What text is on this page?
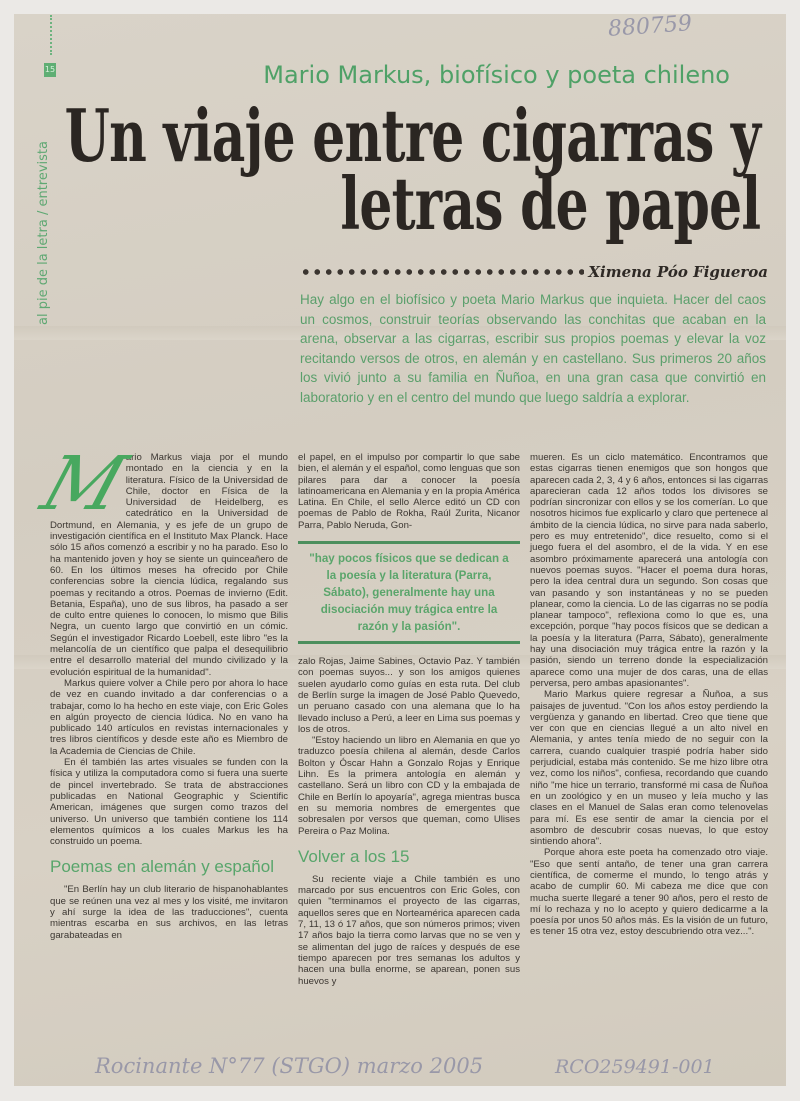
15
al pie de la letra / entrevista
880759
Mario Markus, biofísico y poeta chileno
Un viaje entre cigarras y
letras de papel
Ximena Póo Figueroa
Hay algo en el biofísico y poeta Mario Markus que inquieta. Hacer del caos un cosmos, construir teorías observando las conchitas que acaban en la arena, observar a las cigarras, escribir sus propios poemas y elevar la voz recitando versos de otros, en alemán y en castellano. Sus primeros 20 años los vivió junto a su familia en Ñuñoa, en una gran casa que convirtió en laboratorio y en el centro del mundo que luego saldría a explorar.
M

ario Markus viaja por el mundo montado en la ciencia y en la literatura. Físico de la Universidad de Chile, doctor en Física de la Universidad de Heidelberg, es catedrático en la Universidad de Dortmund, en Alemania, y es jefe de un grupo de investigación científica en el Instituto Max Planck. Hace sólo 15 años comenzó a escribir y no ha parado. Eso lo ha mantenido joven y hoy se siente un quinceañero de 60. En los últimos meses ha ofrecido por Chile conferencias sobre la ciencia lúdica, regalando sus poemas y recitando a otros. Poemas de invierno (Edit. Betania, España), uno de sus libros, ha pasado a ser de culto entre quienes lo conocen, lo mismo que Bilis Negra, un cuento largo que convirtió en un cómic. Según el investigador Ricardo Loebell, este libro "es la melancolía de un científico que palpa el desequilibrio entre el desarrollo material del mundo civilizado y la evolución espiritual de la humanidad".

Markus quiere volver a Chile pero por ahora lo hace de vez en cuando invitado a dar conferencias o a trabajar, como lo ha hecho en este viaje, con Eric Goles en algún proyecto de ciencia lúdica. No en vano ha publicado 140 artículos en revistas internacionales y tres libros científicos y desde este año es Miembro de la Academia de Ciencias de Chile.

En él también las artes visuales se funden con la física y utiliza la computadora como si fuera una suerte de pincel invertebrado. Se trata de abstracciones publicadas en National Geographic y Scientific American, imágenes que surgen como trazos del universo. Un universo que también contiene los 114 elementos químicos a los cuales Markus les ha construido un poema.

Poemas en alemán y español

"En Berlín hay un club literario de hispanohablantes que se reúnen una vez al mes y los visité, me invitaron y ahí surge la idea de las traducciones", cuenta mientras escarba en sus archivos, en las letras garabateadas en

el papel, en el impulso por compartir lo que sabe bien, el alemán y el español, como lenguas que son pilares para dar a conocer la poesía latinoamericana en Alemania y en la propia América Latina. En Chile, el sello Alerce editó un CD con poemas de Pablo de Rokha, Raúl Zurita, Nicanor Parra, Pablo Neruda, Gon-

"hay pocos físicos que se dedican a la poesía y la literatura (Parra, Sábato), generalmente hay una disociación muy trágica entre la razón y la pasión".

zalo Rojas, Jaime Sabines, Octavio Paz. Y también con poemas suyos... y son los amigos quienes suelen ayudarlo como guías en esta ruta. Del club de Berlín surge la imagen de José Pablo Quevedo, un peruano casado con una alemana que lo ha llevado incluso a Perú, a leer en Lima sus poemas y los de otros.

"Estoy haciendo un libro en Alemania en que yo traduzco poesía chilena al alemán, desde Carlos Bolton y Óscar Hahn a Gonzalo Rojas y Enrique Lihn. Es la primera antología en alemán y castellano. Será un libro con CD y la embajada de Chile en Berlín lo apoyaría", agrega mientras busca en su memoria nombres de emergentes que sobresalen por versos que queman, como Ulises Pereira o Paz Molina.

Volver a los 15

Su reciente viaje a Chile también es uno marcado por sus encuentros con Eric Goles, con quien "terminamos el proyecto de las cigarras, aquellos seres que en Norteamérica aparecen cada 7, 11, 13 ó 17 años, que son números primos; viven 17 años bajo la tierra como larvas que no se ven y se alimentan del jugo de raíces y después de ese tiempo aparecen por tres semanas los adultos y hacen una bulla enorme, se aparean, ponen sus huevos y

mueren. Es un ciclo matemático. Encontramos que estas cigarras tienen enemigos que son hongos que aparecen cada 2, 3, 4 y 6 años, entonces si las cigarras aparecieran cada 12 años todos los divisores se podrían sincronizar con ellos y se los comerían. Lo que nosotros hicimos fue explicarlo y claro que pertenece al ámbito de la ciencia lúdica, no sirve para nada saberlo, pero es muy entretenido", dice resuelto, como si el juego fuera el del asombro, el de la vida. Y en ese asombro próximamente aparecerá una antología con nuevos poemas suyos. "Hacer el poema dura horas, pero la idea central dura un segundo. Son cosas que van pasando y son instantáneas y no se pueden planear, como la ciencia. Lo de las cigarras no se podía planear tampoco", reflexiona como lo que es, una excepción, porque "hay pocos físicos que se dedican a la poesía y la literatura (Parra, Sábato), generalmente hay una disociación muy trágica entre la razón y la pasión, siendo un terreno donde la especialización aparece como una mujer de dos caras, una de ellas perversa, pero ambas apasionantes".

Mario Markus quiere regresar a Ñuñoa, a sus paisajes de juventud. "Con los años estoy perdiendo la vergüenza y ganando en libertad. Creo que tiene que ver con que en ciencias llegué a un alto nivel en Alemania, y antes tenía miedo de no seguir con la carrera, cuando cualquier traspié podría haber sido perjudicial, estaba más contenido. Se me hizo libre otra vez, como los niños", confiesa, recordando que cuando niño "me hice un terrario, transformé mi casa de Ñuñoa en un zoológico y en un museo y leía mucho y las clases en el Manuel de Salas eran como telenovelas para mí. Es ese sentir de amar la ciencia por el asombro de descubrir cosas nuevas, lo que estoy sintiendo ahora".

Porque ahora este poeta ha comenzado otro viaje. "Eso que sentí antaño, de tener una gran carrera científica, de comerme el mundo, lo tengo atrás y acabo de cumplir 60. Mi cabeza me dice que con mucha suerte llegaré a tener 90 años, pero el resto de mí lo rechaza y no lo acepto y quiero dedicarme a la poesía por unos 50 años más. Es la visión de un futuro, es tener 15 otra vez, estoy descubriendo otra vez...".

Rocinante N°77 (STGO) marzo 2005	RCO259491-001
